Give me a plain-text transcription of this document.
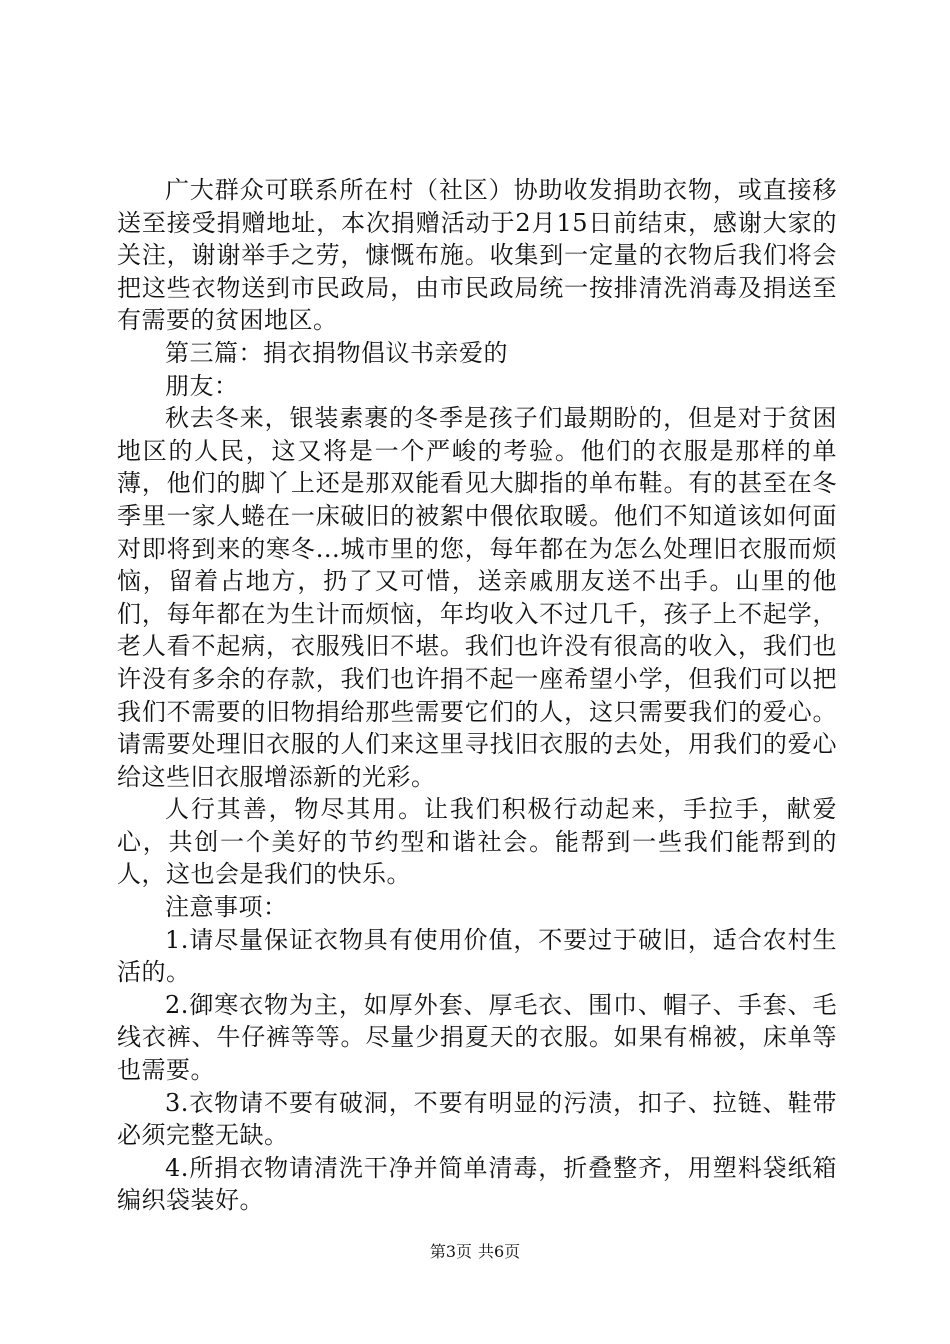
广大群众可联系所在村（社区）协助收发捐助衣物，或直接移送至接受捐赠地址，本次捐赠活动于2月15日前结束，感谢大家的关注，谢谢举手之劳，慷慨布施。收集到一定量的衣物后我们将会把这些衣物送到市民政局，由市民政局统一按排清洗消毒及捐送至有需要的贫困地区。

第三篇：捐衣捐物倡议书亲爱的

朋友：

秋去冬来，银装素裹的冬季是孩子们最期盼的，但是对于贫困地区的人民，这又将是一个严峻的考验。他们的衣服是那样的单薄，他们的脚丫上还是那双能看见大脚指的单布鞋。有的甚至在冬季里一家人蜷在一床破旧的被絮中偎依取暖。他们不知道该如何面对即将到来的寒冬...城市里的您，每年都在为怎么处理旧衣服而烦恼，留着占地方，扔了又可惜，送亲戚朋友送不出手。山里的他们，每年都在为生计而烦恼，年均收入不过几千，孩子上不起学，老人看不起病，衣服残旧不堪。我们也许没有很高的收入，我们也许没有多余的存款，我们也许捐不起一座希望小学，但我们可以把我们不需要的旧物捐给那些需要它们的人，这只需要我们的爱心。请需要处理旧衣服的人们来这里寻找旧衣服的去处，用我们的爱心给这些旧衣服增添新的光彩。

人行其善，物尽其用。让我们积极行动起来，手拉手，献爱心，共创一个美好的节约型和谐社会。能帮到一些我们能帮到的人，这也会是我们的快乐。

注意事项：

1.请尽量保证衣物具有使用价值，不要过于破旧，适合农村生活的。

2.御寒衣物为主，如厚外套、厚毛衣、围巾、帽子、手套、毛线衣裤、牛仔裤等等。尽量少捐夏天的衣服。如果有棉被，床单等也需要。

3.衣物请不要有破洞，不要有明显的污渍，扣子、拉链、鞋带必须完整无缺。

4.所捐衣物请清洗干净并简单清毒，折叠整齐，用塑料袋纸箱编织袋装好。

第3页 共6页
